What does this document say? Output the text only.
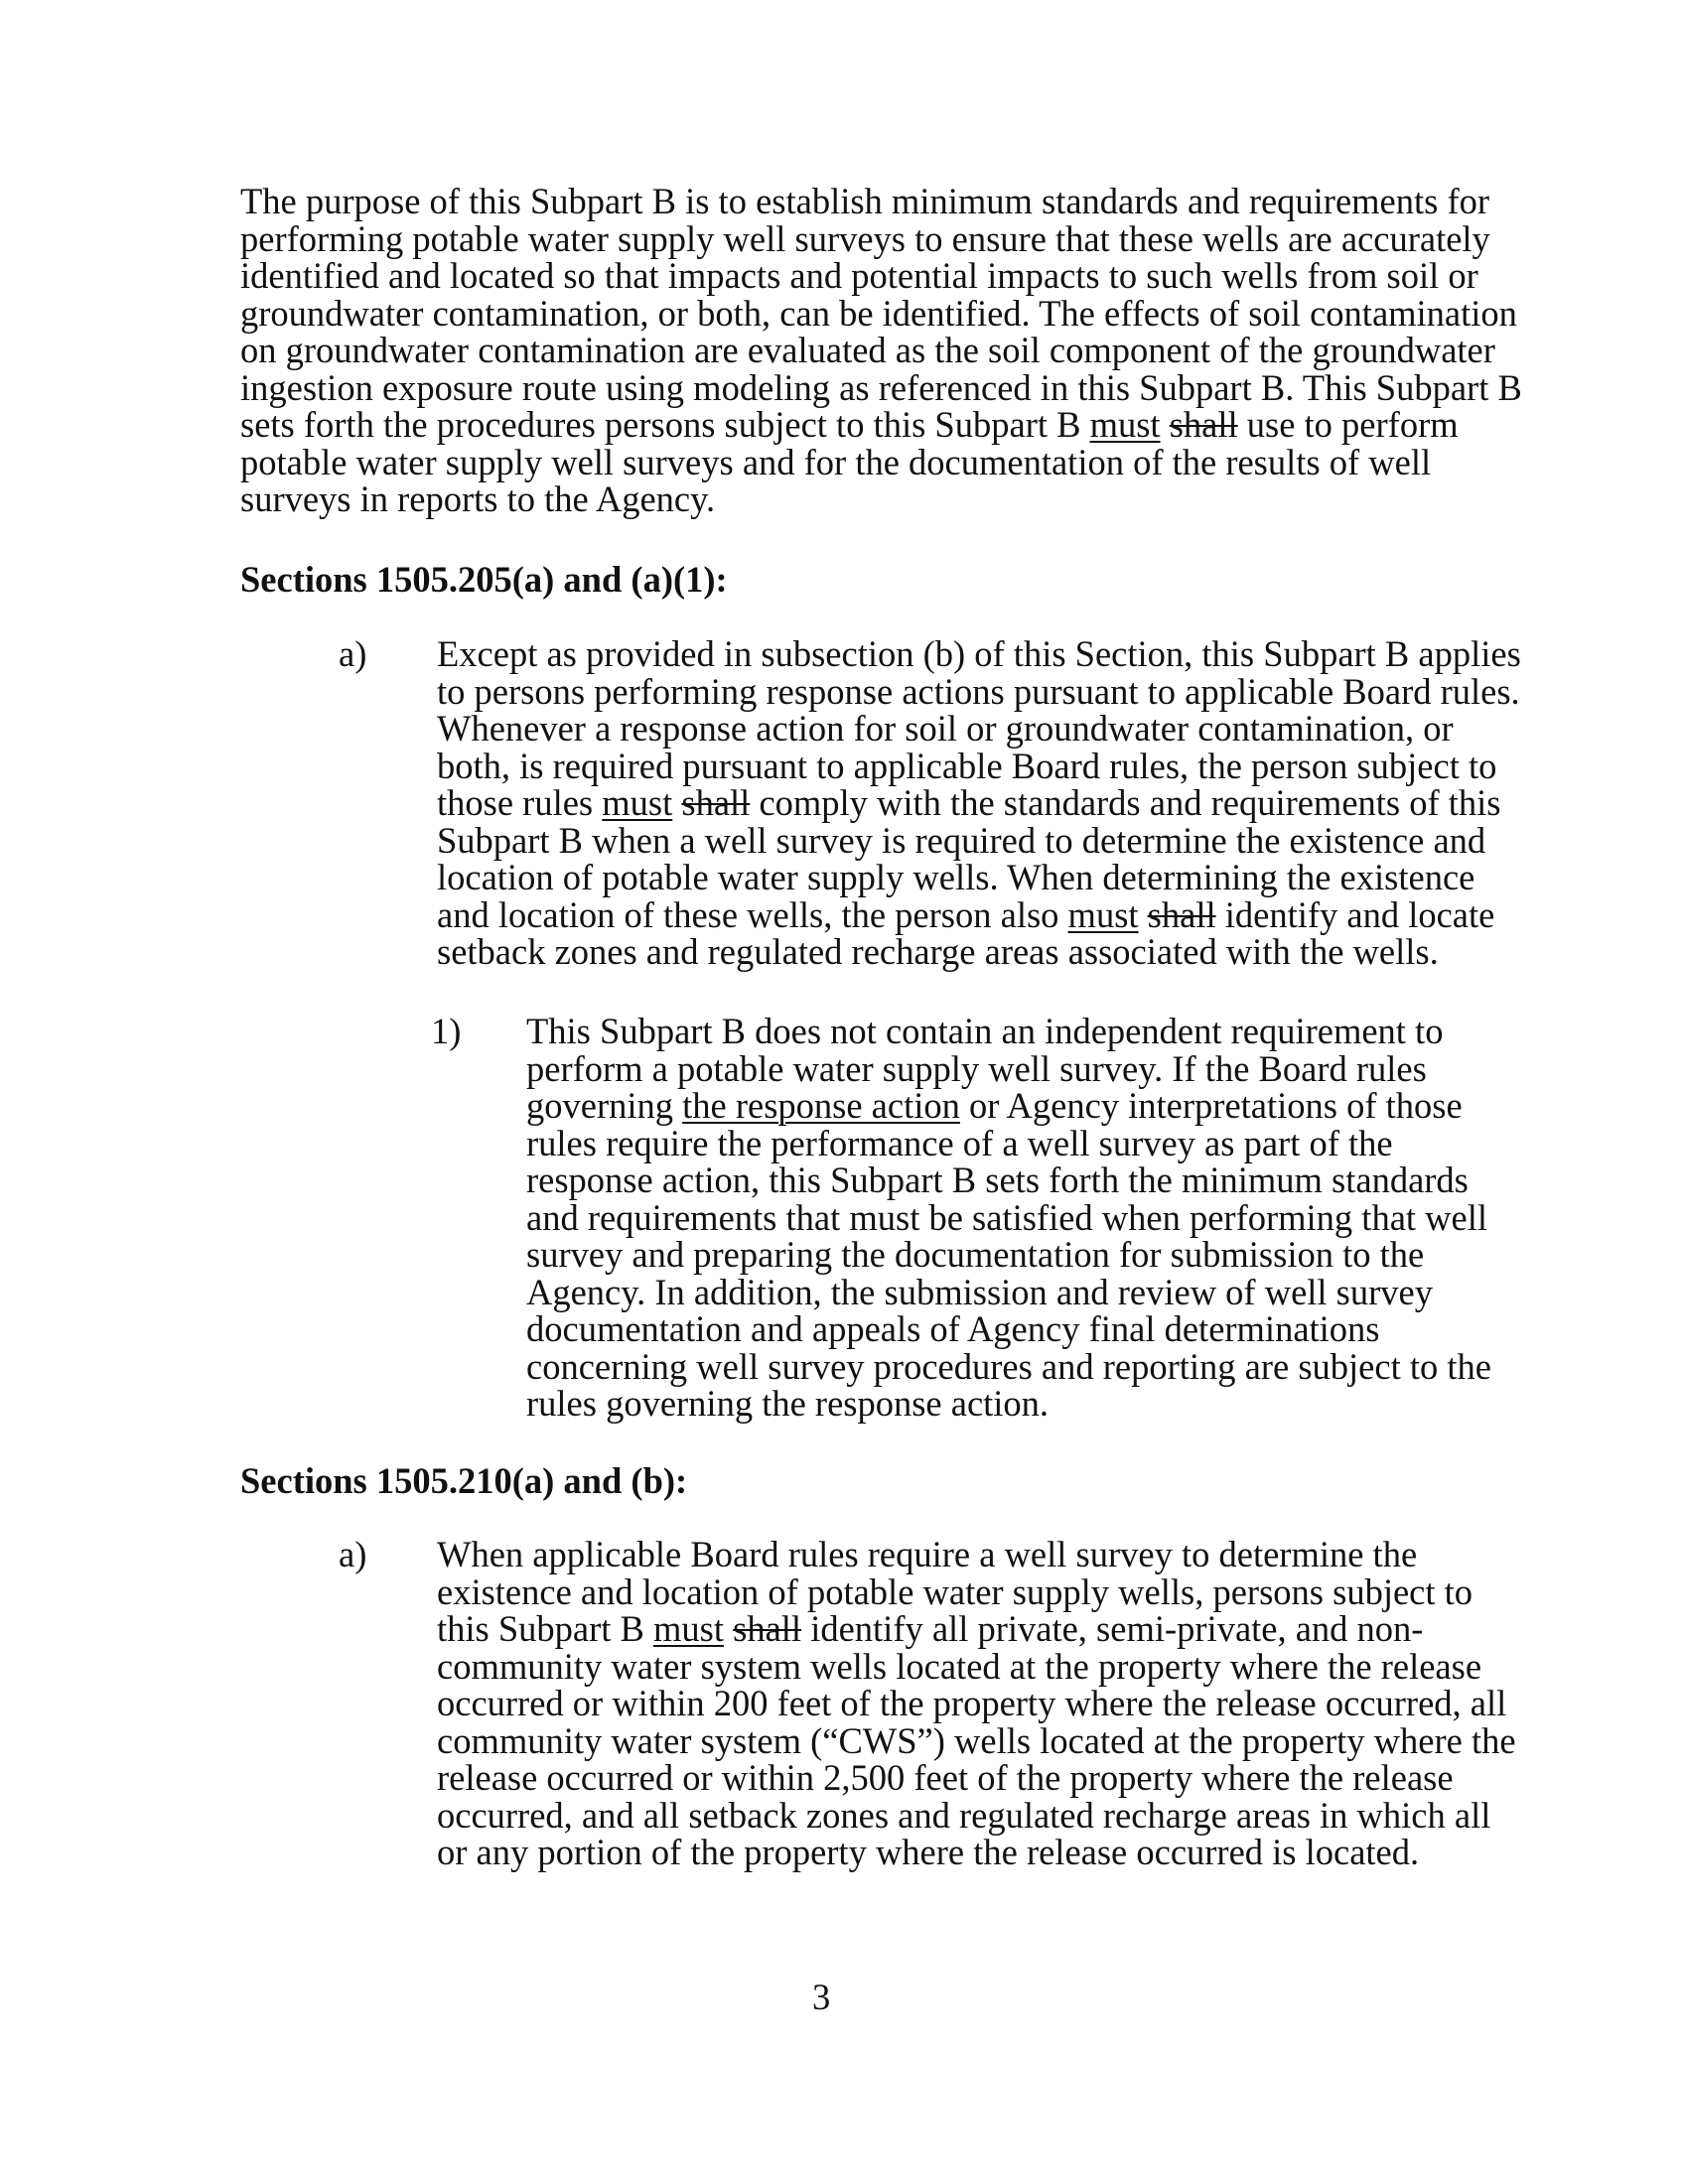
The purpose of this Subpart B is to establish minimum standards and requirements for
performing potable water supply well surveys to ensure that these wells are accurately
identified and located so that impacts and potential impacts to such wells from soil or
groundwater contamination, or both, can be identified. The effects of soil contamination
on groundwater contamination are evaluated as the soil component of the groundwater
ingestion exposure route using modeling as referenced in this Subpart B. This Subpart B
sets forth the procedures persons subject to this Subpart B must shall use to perform
potable water supply well surveys and for the documentation of the results of well
surveys in reports to the Agency.
Sections 1505.205(a) and (a)(1):
a) Except as provided in subsection (b) of this Section, this Subpart B applies
to persons performing response actions pursuant to applicable Board rules.
Whenever a response action for soil or groundwater contamination, or
both, is required pursuant to applicable Board rules, the person subject to
those rules must shall comply with the standards and requirements of this
Subpart B when a well survey is required to determine the existence and
location of potable water supply wells. When determining the existence
and location of these wells, the person also must shall identify and locate
setback zones and regulated recharge areas associated with the wells.
1) This Subpart B does not contain an independent requirement to
perform a potable water supply well survey. If the Board rules
governing the response action or Agency interpretations of those
rules require the performance of a well survey as part of the
response action, this Subpart B sets forth the minimum standards
and requirements that must be satisfied when performing that well
survey and preparing the documentation for submission to the
Agency. In addition, the submission and review of well survey
documentation and appeals of Agency final determinations
concerning well survey procedures and reporting are subject to the
rules governing the response action.
Sections 1505.210(a) and (b):
a) When applicable Board rules require a well survey to determine the
existence and location of potable water supply wells, persons subject to
this Subpart B must shall identify all private, semi-private, and non-
community water system wells located at the property where the release
occurred or within 200 feet of the property where the release occurred, all
community water system (“CWS”) wells located at the property where the
release occurred or within 2,500 feet of the property where the release
occurred, and all setback zones and regulated recharge areas in which all
or any portion of the property where the release occurred is located.
3
